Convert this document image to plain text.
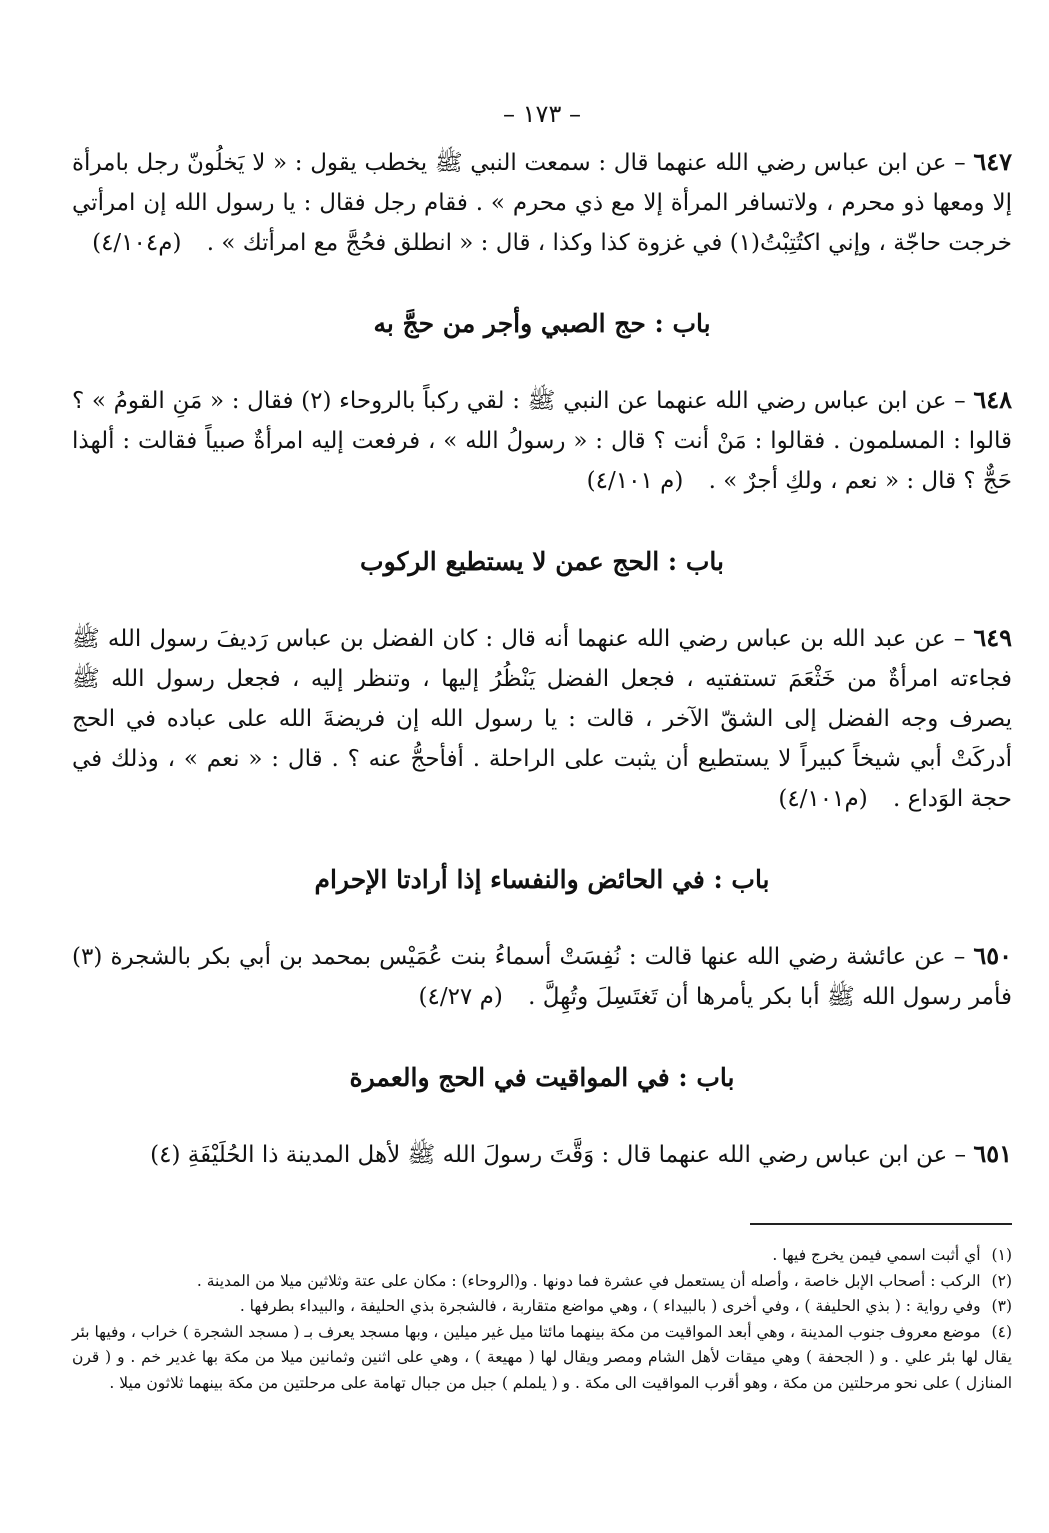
– ١٧٣ –

٦٤٧ – عن ابن عباس رضي الله عنهما قال : سمعت النبي ﷺ يخطب يقول : « لا يَخلُونّ رجل بامرأة إلا ومعها ذو محرم ، ولاتسافر المرأة إلا مع ذي محرم » . فقام رجل فقال : يا رسول الله إن امرأتي خرجت حاجّة ، وإني اكتُتِبْتُ(١) في غزوة كذا وكذا ، قال : « انطلق فحُجَّ مع امرأتك » . (م٤/١٠٤)

باب : حج الصبي وأجر من حجَّ به

٦٤٨ – عن ابن عباس رضي الله عنهما عن النبي ﷺ : لقي ركباً بالروحاء (٢) فقال : « مَنِ القومُ » ؟ قالوا : المسلمون . فقالوا : مَنْ أنت ؟ قال : « رسولُ الله » ، فرفعت إليه امرأةٌ صبياً فقالت : ألهذا حَجٌّ ؟ قال : « نعم ، ولكِ أجرٌ » . (م ٤/١٠١)

باب : الحج عمن لا يستطيع الركوب

٦٤٩ – عن عبد الله بن عباس رضي الله عنهما أنه قال : كان الفضل بن عباس رَديفَ رسول الله ﷺ فجاءته امرأةٌ من خَثْعَمَ تستفتيه ، فجعل الفضل يَنْظُرُ إليها ، وتنظر إليه ، فجعل رسول الله ﷺ يصرف وجه الفضل إلى الشقّ الآخر ، قالت : يا رسول الله إن فريضةَ الله على عباده في الحج أدركَتْ أبي شيخاً كبيراً لا يستطيع أن يثبت على الراحلة . أفأحجُّ عنه ؟ . قال : « نعم » ، وذلك في حجة الوَداع . (م٤/١٠١)

باب : في الحائض والنفساء إذا أرادتا الإحرام

٦٥٠ – عن عائشة رضي الله عنها قالت : نُفِسَتْ أسماءُ بنت عُمَيْس بمحمد بن أبي بكر بالشجرة (٣) فأمر رسول الله ﷺ أبا بكر يأمرها أن تَغتَسِلَ وتُهِلَّ . (م ٤/٢٧)

باب : في المواقيت في الحج والعمرة

٦٥١ – عن ابن عباس رضي الله عنهما قال : وَقَّتَ رسولَ الله ﷺ لأهل المدينة ذا الحُلَيْفَةِ (٤)

(١) أي أثبت اسمي فيمن يخرج فيها .

(٢) الركب : أصحاب الإبل خاصة ، وأصله أن يستعمل في عشرة فما دونها . و(الروحاء) : مكان على عتة وثلاثين ميلا من المدينة .

(٣) وفي رواية : ( بذي الحليفة ) ، وفي أخرى ( بالبيداء ) ، وهي مواضع متقاربة ، فالشجرة بذي الحليفة ، والبيداء بطرفها .

(٤) موضع معروف جنوب المدينة ، وهي أبعد المواقيت من مكة بينهما مائتا ميل غير ميلين ، وبها مسجد يعرف بـ ( مسجد الشجرة ) خراب ، وفيها بئر يقال لها بئر علي . و ( الجحفة ) وهي ميقات لأهل الشام ومصر ويقال لها ( مهيعة ) ، وهي على اثنين وثمانين ميلا من مكة بها غدير خم . و ( قرن المنازل ) على نحو مرحلتين من مكة ، وهو أقرب المواقيت الى مكة . و ( يلملم ) جبل من جبال تهامة على مرحلتين من مكة بينهما ثلاثون ميلا .
